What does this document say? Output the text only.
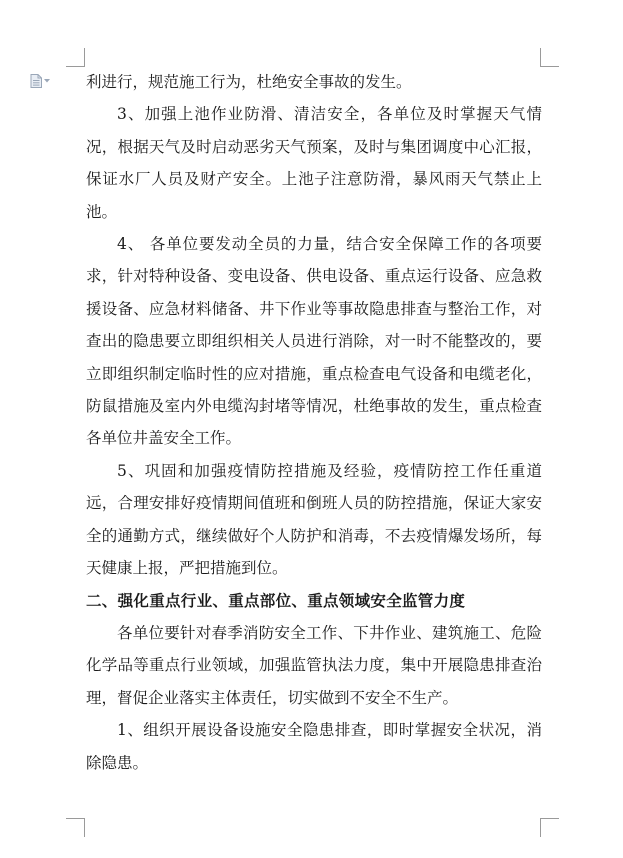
利进行，规范施工行为，杜绝安全事故的发生。

3、加强上池作业防滑、清洁安全，各单位及时掌握天气情况，根据天气及时启动恶劣天气预案，及时与集团调度中心汇报，保证水厂人员及财产安全。上池子注意防滑，暴风雨天气禁止上池。

4、 各单位要发动全员的力量，结合安全保障工作的各项要求，针对特种设备、变电设备、供电设备、重点运行设备、应急救援设备、应急材料储备、井下作业等事故隐患排查与整治工作，对查出的隐患要立即组织相关人员进行消除，对一时不能整改的，要立即组织制定临时性的应对措施，重点检查电气设备和电缆老化，防鼠措施及室内外电缆沟封堵等情况，杜绝事故的发生，重点检查各单位井盖安全工作。

5、巩固和加强疫情防控措施及经验，疫情防控工作任重道远，合理安排好疫情期间值班和倒班人员的防控措施，保证大家安全的通勤方式，继续做好个人防护和消毒，不去疫情爆发场所，每天健康上报，严把措施到位。

二、强化重点行业、重点部位、重点领域安全监管力度

各单位要针对春季消防安全工作、下井作业、建筑施工、危险化学品等重点行业领域，加强监管执法力度，集中开展隐患排查治理，督促企业落实主体责任，切实做到不安全不生产。

1、组织开展设备设施安全隐患排查，即时掌握安全状况，消除隐患。
